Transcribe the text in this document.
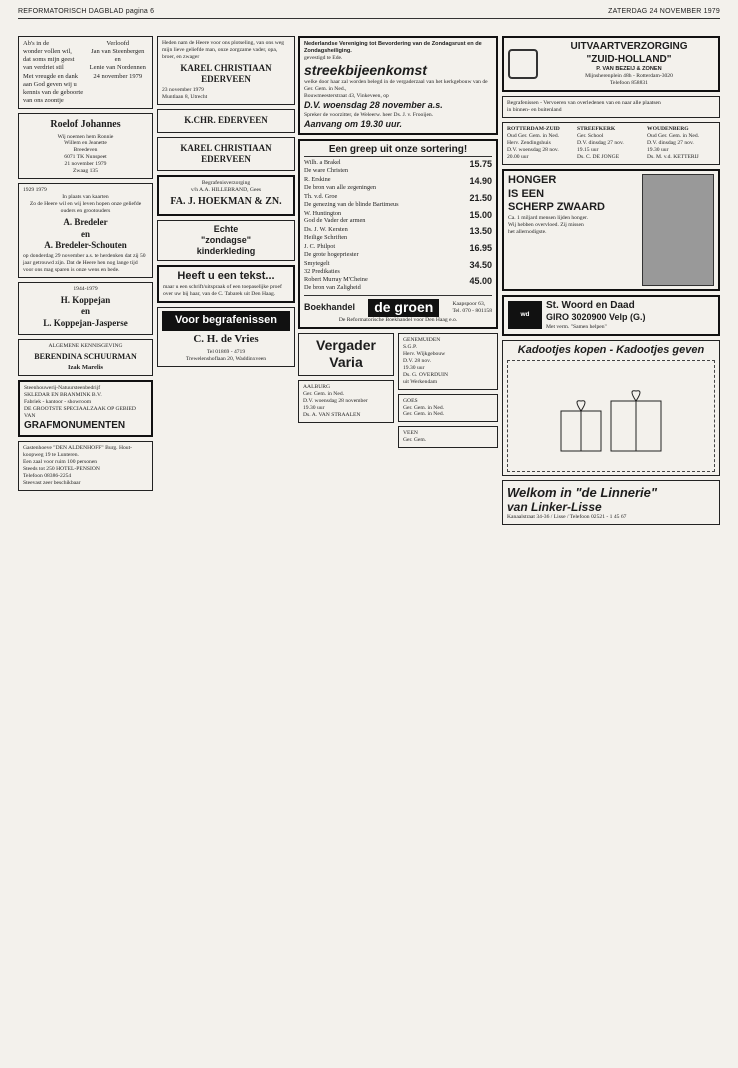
REFORMATORISCH DAGBLAD pagina 6	ZATERDAG 24 NOVEMBER 1979
Ab's in de
wonder vollen wil,
dat soms mijn geest
van verdriet stil
Met vreugde en dank
aan God geven wij u
kennis van de geboorte
van ons zoontje
Verloofd
Jan van Steenbergen
en
Lenie van Nordennen
24 november 1979
Roelof Johannes
Wij noemen hem Ronnie
Willem en Jeanette
Breedeven
6071 TK Nunspeet
21 november 1979
Zwaag 135
1929 1979
In plaats van kaarten
Zo de Heere wil en wij leven hopen onze geliefde ouders en grootouders
A. Bredeler
en
A. Bredeler-Schouten
op donderdag 29 november a.s. te herdenken dat zij 50 jaar getrouwd zijn. Dat de Heere hen nog lange tijd voor ons mag sparen is onze wens en bede.
1944-1979
H. Koppejan
en
L. Koppejan-Jasperse
ALGEMENE KENNISGEVING
BERENDINA SCHUURMAN
Izak Marelis
Steenhouwerij-Natuursteenbedrijf
SKLEDAR EN BRANMINK B.V.
Fabriek - kantoor - showroom
DE GROOTSTE SPECIAALZAAK OP GEBIED VAN
GRAFMONUMENTEN
Gastenhoeve "DEN ALDENHOFF" Burg. Hout-koopweg 19 te Lunteren.
Een zaal voor ruim 100 personen
Steeds tot 250 HOTEL-PENSION
Telefoon 08386-2254
Steevast zeer beschikbaar
Heden nam de Heere voor ons plotseling, van ons weg mijn lieve geliefde man, onze zorgzame vader, opa, broer, en zwager
KAREL CHRISTIAAN EDERVEEN
23 november 1979
Muntlaan 8, Utrecht
K.CHR. EDERVEEN
KAREL CHRISTIAAN EDERVEEN
Begrafenisverzorging
v/h A.A. HILLEBRAND, Gees
FA. J. HOEKMAN & ZN.
Echte
"zondagse"
kinderkleding
Heeft u een tekst...
maar u een schrift/uitspraak of een toepaselijke proef over uw bij haar, van de C. Tabarek uit Den Haag.
Voor begrafenissen
C. H. de Vries
Tel 01869 - 4719
Trewelenshoflaan 20, Waddinxveen
Nederlandse Vereniging tot Bevordering van de Zondagsrust en de Zondagsheiliging.
gevestigd te Ede.
streekbijeenkomst
welke door haar zal worden belegd in de vergaderzaal van het kerkgebouw van de Ger. Gem. in Ned.,
Bouwmeesterstraat 43, Vinkeveen, op
D.V. woensdag 28 november a.s.
Spreker de voorzitter, de Weleerw. heer Ds. J. v. Frooijen.
Aanvang om 19.30 uur.
Een greep uit onze sortering!
Wilh. a Brakel
De ware Christen
15.75
R. Erskine
De bron van alle zegeningen
14.90
Th. v.d. Groe
De genezing van de blinde Bartimeus
21.50
W. Huntington
God de Vader der armen
15.00
Ds. J. W. Kersten
Heilige Schriften
13.50
J. C. Philpot
De grote hogepriester
16.95
Smytegelt
32 Predikaties
34.50
Robert Murray M'Cheine
De bron van Zaligheid
45.00
Boekhandel	de groen	Kaapspoor 63,
Tel. 070 - 801158
De Reformatorische Boekhandel voor Den Haag e.o.
Vergader Varia
AALBURG
Ger. Gem. in Ned.
D.V. woensdag 28 november
19.30 uur
Ds. A. VAN STRAALEN
GENEMUIDEN
S.G.P.
Herv. Wijkgebouw
D.V. 28 nov.
19.30 uur
Ds. G. OVERDUIN
uit Werkendam
GOES
Ger. Gem. in Ned.
Ger. Gem. in Ned.
VEEN
Ger. Gem.
UITVAARTVERZORGING
"ZUID-HOLLAND"
P. VAN BEZEIJ & ZONEN
Mijnsherenplein 48h - Rotterdam-3020
Telefoon 858831
Begrafenissen - Vervoeren van overledenen van en naar alle plaatsen
in binnen- en buitenland
ROTTERDAM-ZUID
Oud Ger. Gem. in Ned.
Herv. Zendingshuis
D.V. woensdag 28 nov.
20.00 uur
STREEFKERK
Ger. School
D.V. dinsdag 27 nov.
19.15 uur
Ds. C. DE JONGE
WOUDENBERG
Oud Ger. Gem. in Ned.
D.V. dinsdag 27 nov.
19.30 uur
Ds. M. v.d. KETTERIJ
HONGER
IS EEN
SCHERP ZWAARD
Ca. 1 miljard mensen lijden honger.
Wij hebben overvloed. Zij missen
het allernodigste.
wd
St. Woord en Daad
GIRO 3020900 Velp (G.)
Met verm. "Samen helpen"
Kadootjes kopen - Kadootjes geven
Welkom in "de Linnerie"
van Linker-Lisse
Kanaalstraat 34-36 / Lisse / Telefoon 02521 - 1 45 67
